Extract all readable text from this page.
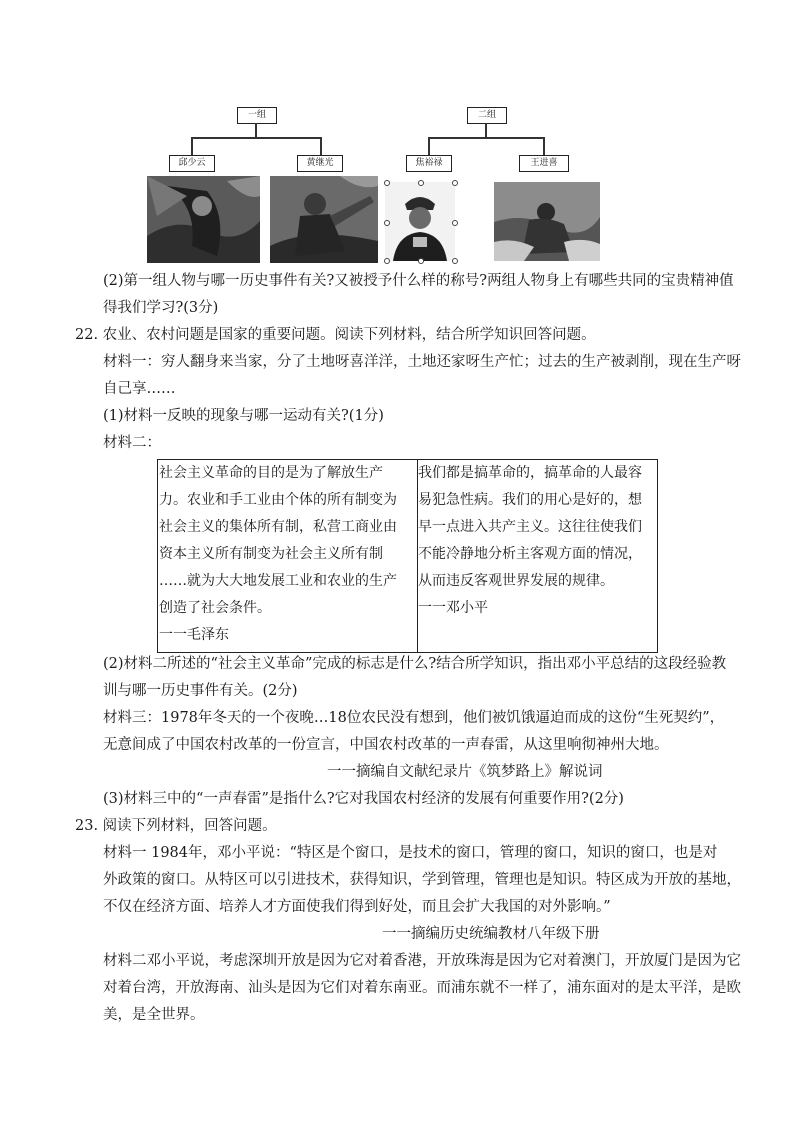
一组
邱少云	黄继光
二组
焦裕禄	王进喜
(2)第一组人物与哪一历史事件有关?又被授予什么样的称号?两组人物身上有哪些共同的宝贵精神值
得我们学习?(3分)
22. 农业、农村问题是国家的重要问题。阅读下列材料，结合所学知识回答问题。
材料一：穷人翻身来当家，分了土地呀喜洋洋，土地还家呀生产忙；过去的生产被剥削，现在生产呀
自己享……
(1)材料一反映的现象与哪一运动有关?(1分)
材料二：
社会主义革命的目的是为了解放生产
力。农业和手工业由个体的所有制变为
社会主义的集体所有制，私营工商业由
资本主义所有制变为社会主义所有制
……就为大大地发展工业和农业的生产
创造了社会条件。
一一毛泽东
我们都是搞革命的，搞革命的人最容
易犯急性病。我们的用心是好的，想
早一点进入共产主义。这往往使我们
不能冷静地分析主客观方面的情况，
从而违反客观世界发展的规律。
一一邓小平
(2)材料二所述的“社会主义革命”完成的标志是什么?结合所学知识，指出邓小平总结的这段经验教
训与哪一历史事件有关。(2分)
材料三：1978年冬天的一个夜晚…18位农民没有想到，他们被饥饿逼迫而成的这份“生死契约”，
无意间成了中国农村改革的一份宣言，中国农村改革的一声春雷，从这里响彻神州大地。
一一摘编自文献纪录片《筑梦路上》解说词
(3)材料三中的“一声春雷”是指什么?它对我国农村经济的发展有何重要作用?(2分)
23. 阅读下列材料，回答问题。
材料一 1984年，邓小平说：“特区是个窗口，是技术的窗口，管理的窗口，知识的窗口，也是对
外政策的窗口。从特区可以引进技术，获得知识，学到管理，管理也是知识。特区成为开放的基地，
不仅在经济方面、培养人才方面使我们得到好处，而且会扩大我国的对外影响。”
一一摘编历史统编教材八年级下册
材料二邓小平说，考虑深圳开放是因为它对着香港，开放珠海是因为它对着澳门，开放厦门是因为它
对着台湾，开放海南、汕头是因为它们对着东南亚。而浦东就不一样了，浦东面对的是太平洋，是欧
美，是全世界。
